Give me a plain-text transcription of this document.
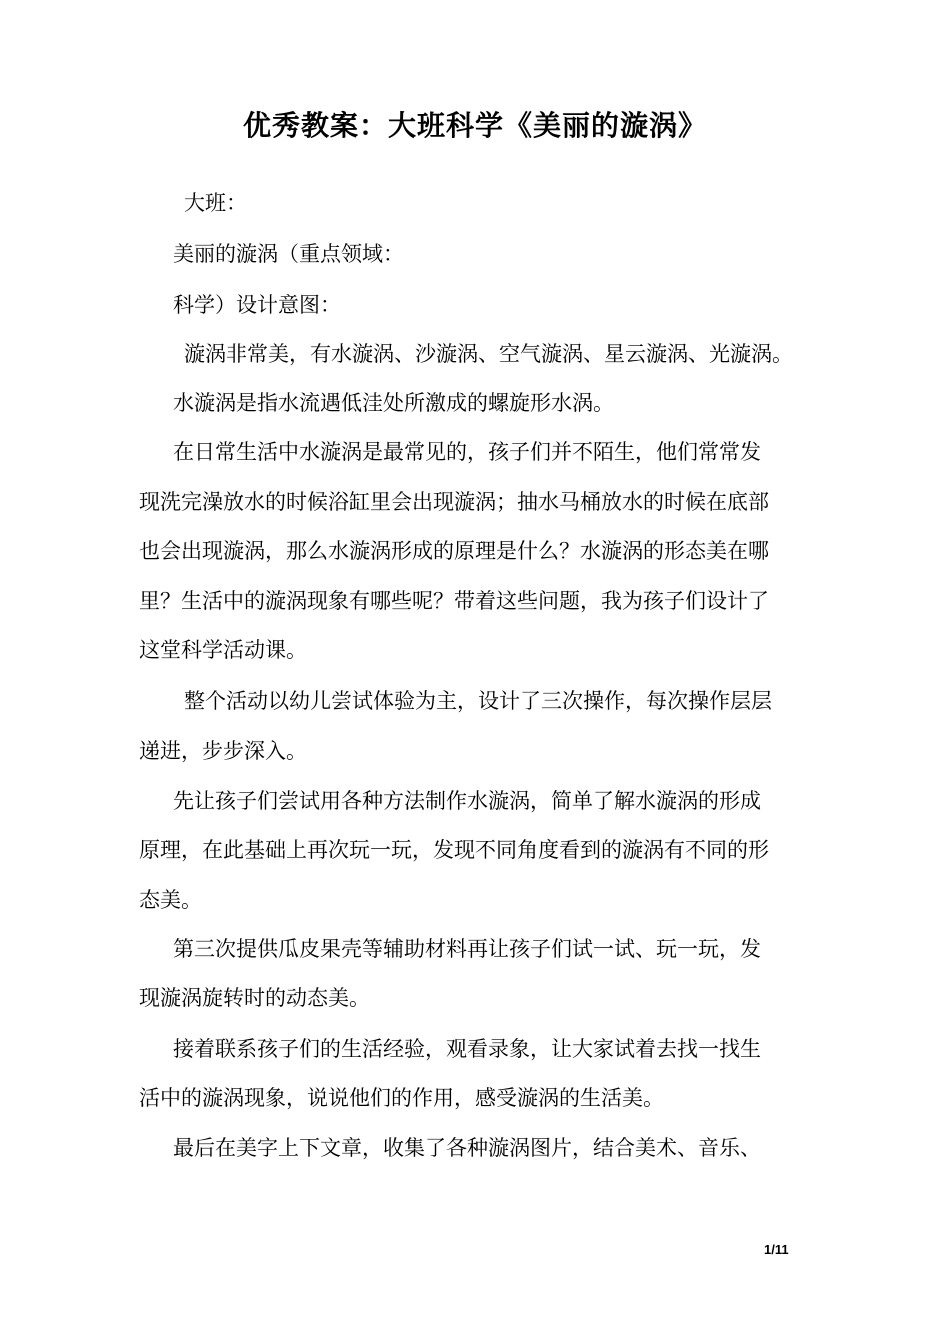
优秀教案：大班科学《美丽的漩涡》
大班：
美丽的漩涡（重点领域：
科学）设计意图：
漩涡非常美，有水漩涡、沙漩涡、空气漩涡、星云漩涡、光漩涡。
水漩涡是指水流遇低洼处所激成的螺旋形水涡。
在日常生活中水漩涡是最常见的，孩子们并不陌生，他们常常发
现洗完澡放水的时候浴缸里会出现漩涡；抽水马桶放水的时候在底部
也会出现漩涡，那么水漩涡形成的原理是什么？水漩涡的形态美在哪
里？生活中的漩涡现象有哪些呢？带着这些问题，我为孩子们设计了
这堂科学活动课。
整个活动以幼儿尝试体验为主，设计了三次操作，每次操作层层
递进，步步深入。
先让孩子们尝试用各种方法制作水漩涡，简单了解水漩涡的形成
原理，在此基础上再次玩一玩，发现不同角度看到的漩涡有不同的形
态美。
第三次提供瓜皮果壳等辅助材料再让孩子们试一试、玩一玩，发
现漩涡旋转时的动态美。
接着联系孩子们的生活经验，观看录象，让大家试着去找一找生
活中的漩涡现象，说说他们的作用，感受漩涡的生活美。
最后在美字上下文章，收集了各种漩涡图片，结合美术、音乐、
1/11
